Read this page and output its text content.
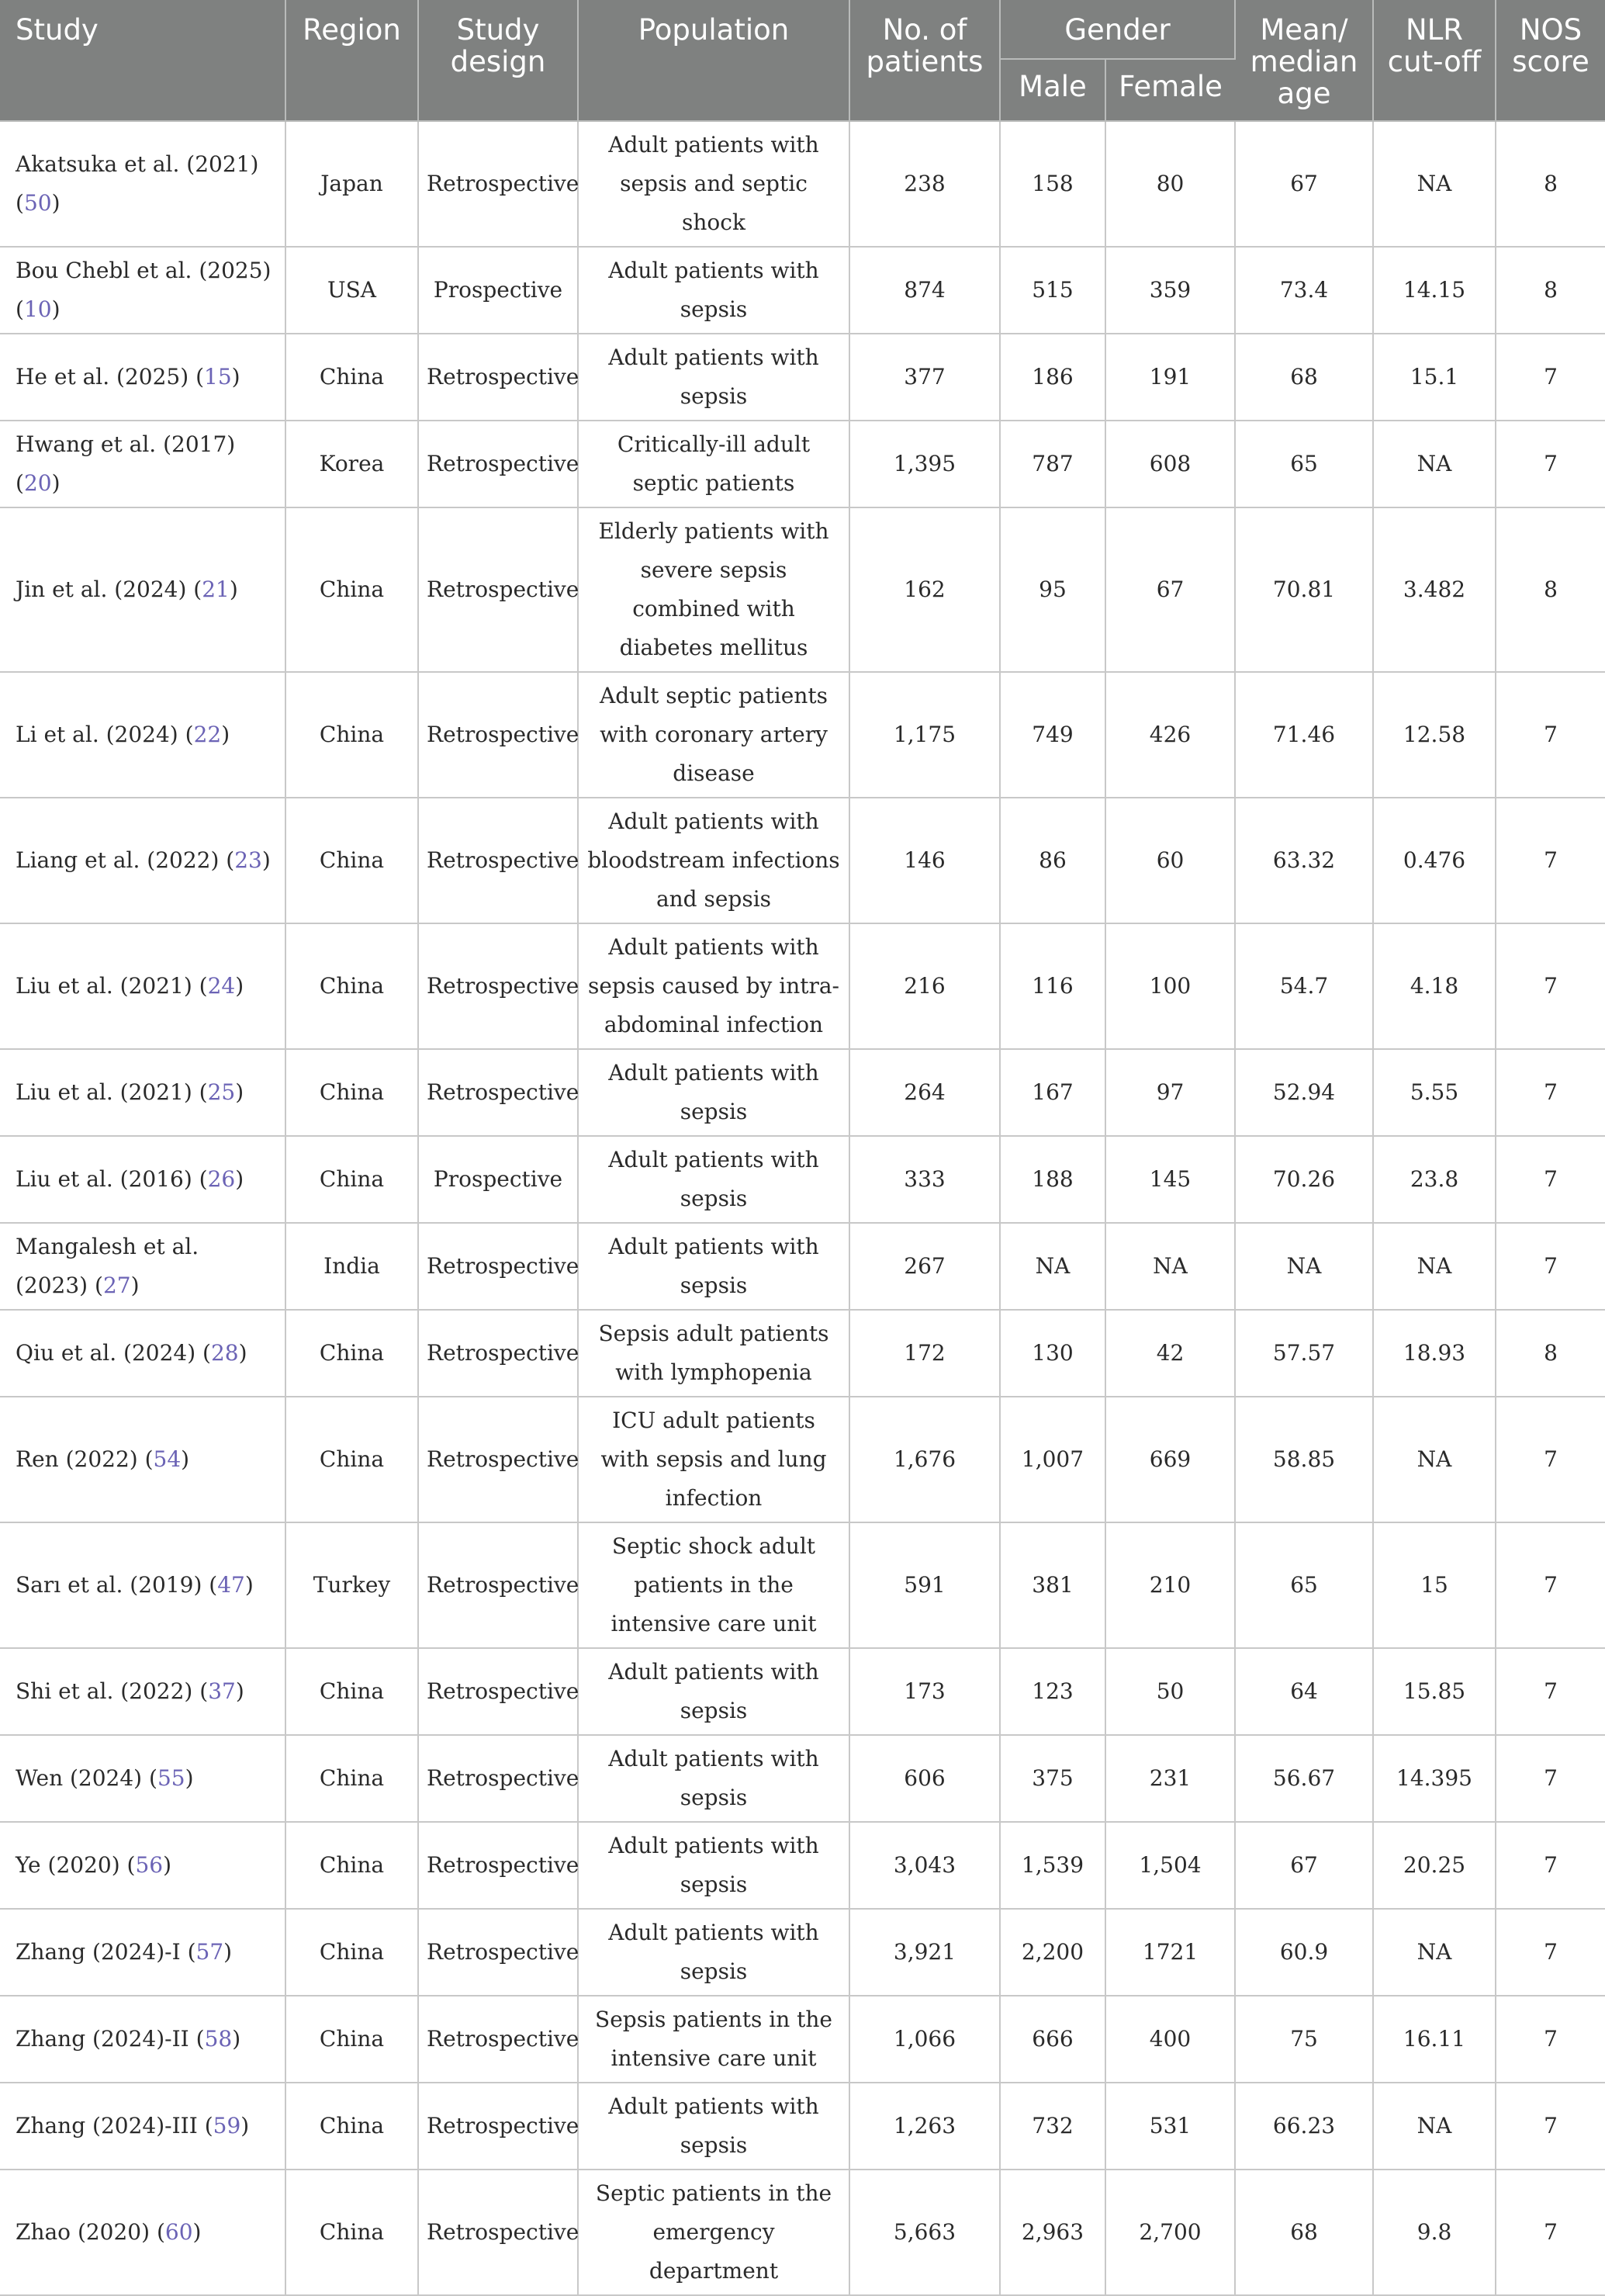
Study	Region	Study design	Population	No. of patients	Gender		Mean/ median age	NLR cut-off	NOS score
					Male	Female			
Akatsuka et al. (2021) (50)	Japan	Retrospective	Adult patients with sepsis and septic shock	238	158	80	67	NA	8
Bou Chebl et al. (2025) (10)	USA	Prospective	Adult patients with sepsis	874	515	359	73.4	14.15	8
He et al. (2025) (15)	China	Retrospective	Adult patients with sepsis	377	186	191	68	15.1	7
Hwang et al. (2017) (20)	Korea	Retrospective	Critically-ill adult septic patients	1,395	787	608	65	NA	7
Jin et al. (2024) (21)	China	Retrospective	Elderly patients with severe sepsis combined with diabetes mellitus	162	95	67	70.81	3.482	8
Li et al. (2024) (22)	China	Retrospective	Adult septic patients with coronary artery disease	1,175	749	426	71.46	12.58	7
Liang et al. (2022) (23)	China	Retrospective	Adult patients with bloodstream infections and sepsis	146	86	60	63.32	0.476	7
Liu et al. (2021) (24)	China	Retrospective	Adult patients with sepsis caused by intra-abdominal infection	216	116	100	54.7	4.18	7
Liu et al. (2021) (25)	China	Retrospective	Adult patients with sepsis	264	167	97	52.94	5.55	7
Liu et al. (2016) (26)	China	Prospective	Adult patients with sepsis	333	188	145	70.26	23.8	7
Mangalesh et al. (2023) (27)	India	Retrospective	Adult patients with sepsis	267	NA	NA	NA	NA	7
Qiu et al. (2024) (28)	China	Retrospective	Sepsis adult patients with lymphopenia	172	130	42	57.57	18.93	8
Ren (2022) (54)	China	Retrospective	ICU adult patients with sepsis and lung infection	1,676	1,007	669	58.85	NA	7
Sarı et al. (2019) (47)	Turkey	Retrospective	Septic shock adult patients in the intensive care unit	591	381	210	65	15	7
Shi et al. (2022) (37)	China	Retrospective	Adult patients with sepsis	173	123	50	64	15.85	7
Wen (2024) (55)	China	Retrospective	Adult patients with sepsis	606	375	231	56.67	14.395	7
Ye (2020) (56)	China	Retrospective	Adult patients with sepsis	3,043	1,539	1,504	67	20.25	7
Zhang (2024)-I (57)	China	Retrospective	Adult patients with sepsis	3,921	2,200	1721	60.9	NA	7
Zhang (2024)-II (58)	China	Retrospective	Sepsis patients in the intensive care unit	1,066	666	400	75	16.11	7
Zhang (2024)-III (59)	China	Retrospective	Adult patients with sepsis	1,263	732	531	66.23	NA	7
Zhao (2020) (60)	China	Retrospective	Septic patients in the emergency department	5,663	2,963	2,700	68	9.8	7
